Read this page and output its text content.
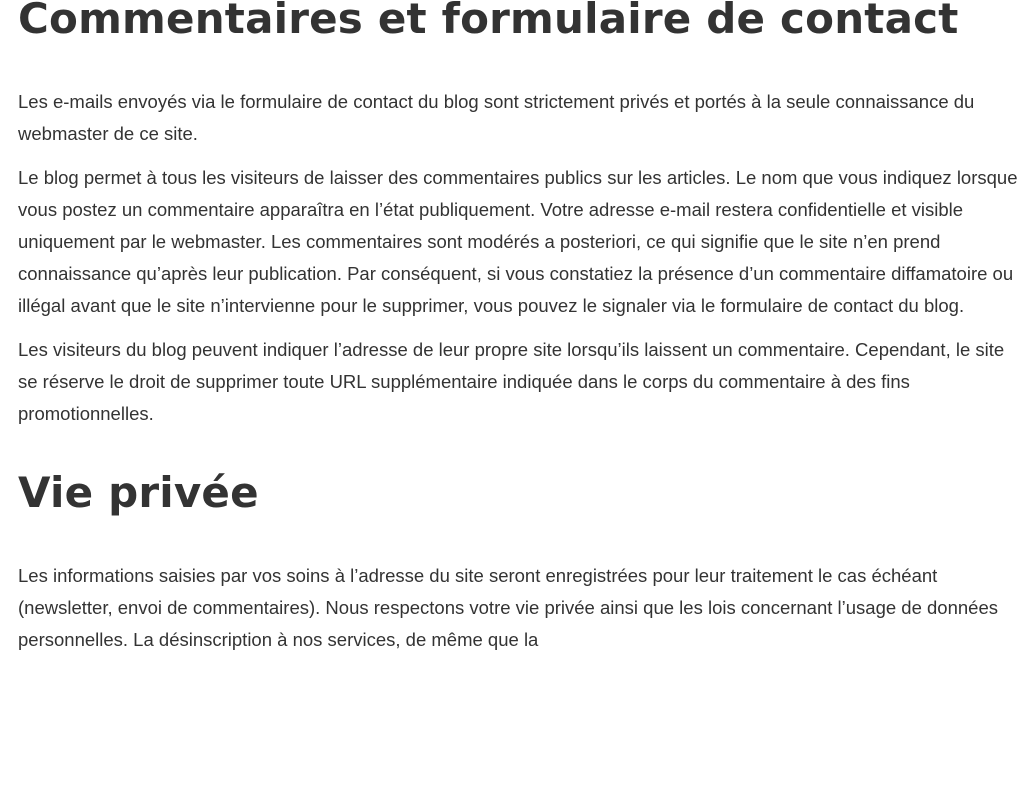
Commentaires et formulaire de contact

Les e-mails envoyés via le formulaire de contact du blog sont strictement privés et portés à la seule connaissance du webmaster de ce site.

Le blog permet à tous les visiteurs de laisser des commentaires publics sur les articles. Le nom que vous indiquez lorsque vous postez un commentaire apparaîtra en l’état publiquement. Votre adresse e-mail restera confidentielle et visible uniquement par le webmaster. Les commentaires sont modérés a posteriori, ce qui signifie que le site n’en prend connaissance qu’après leur publication. Par conséquent, si vous constatiez la présence d’un commentaire diffamatoire ou illégal avant que le site n’intervienne pour le supprimer, vous pouvez le signaler via le formulaire de contact du blog.

Les visiteurs du blog peuvent indiquer l’adresse de leur propre site lorsqu’ils laissent un commentaire. Cependant, le site se réserve le droit de supprimer toute URL supplémentaire indiquée dans le corps du commentaire à des fins promotionnelles.

Vie privée

Les informations saisies par vos soins à l’adresse du site seront enregistrées pour leur traitement le cas échéant (newsletter, envoi de commentaires). Nous respectons votre vie privée ainsi que les lois concernant l’usage de données personnelles. La désinscription à nos services, de même que la
